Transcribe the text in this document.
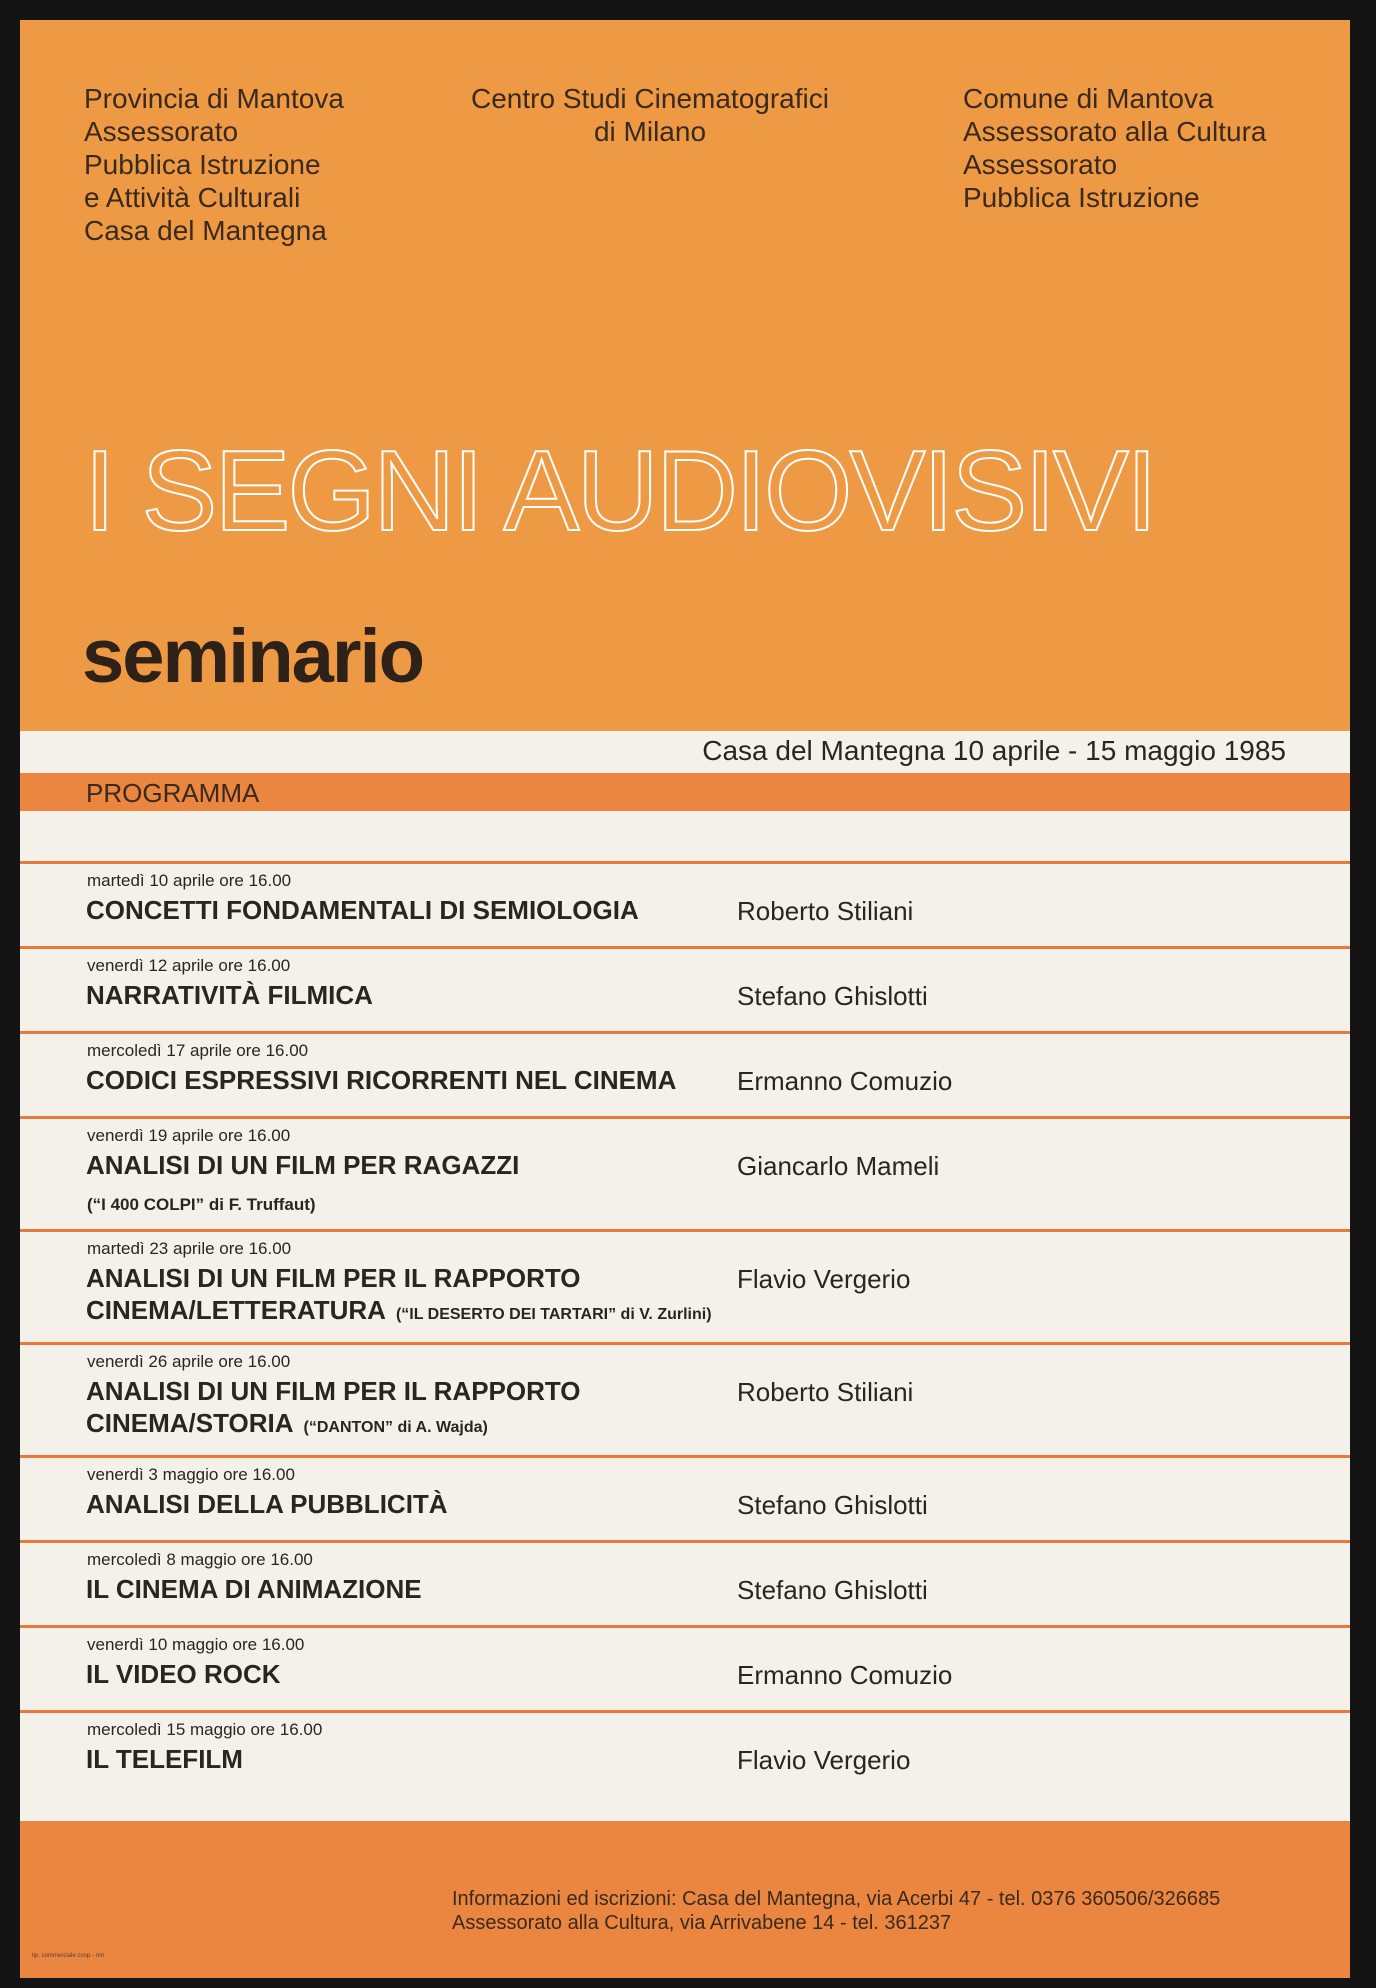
Provincia di Mantova
Assessorato
Pubblica Istruzione
e Attività Culturali
Casa del Mantegna
Centro Studi Cinematografici
di Milano
Comune di Mantova
Assessorato alla Cultura
Assessorato
Pubblica Istruzione
I SEGNI AUDIOVISIVI
seminario
Casa del Mantegna 10 aprile - 15 maggio 1985
PROGRAMMA
martedì 10 aprile ore 16.00
CONCETTI FONDAMENTALI DI SEMIOLOGIA	Roberto Stiliani
venerdì 12 aprile ore 16.00
NARRATIVITÀ FILMICA	Stefano Ghislotti
mercoledì 17 aprile ore 16.00
CODICI ESPRESSIVI RICORRENTI NEL CINEMA Ermanno Comuzio
venerdì 19 aprile ore 16.00
ANALISI DI UN FILM PER RAGAZZI
(“I 400 COLPI” di F. Truffaut)
Giancarlo Mameli
martedì 23 aprile ore 16.00
ANALISI DI UN FILM PER IL RAPPORTO
CINEMA/LETTERATURA (“IL DESERTO DEI TARTARI” di V. Zurlini)
Flavio Vergerio
venerdì 26 aprile ore 16.00
ANALISI DI UN FILM PER IL RAPPORTO
CINEMA/STORIA (“DANTON” di A. Wajda)
Roberto Stiliani
venerdì 3 maggio ore 16.00
ANALISI DELLA PUBBLICITÀ	Stefano Ghislotti
mercoledì 8 maggio ore 16.00
IL CINEMA DI ANIMAZIONE	Stefano Ghislotti
venerdì 10 maggio ore 16.00
IL VIDEO ROCK	Ermanno Comuzio
mercoledì 15 maggio ore 16.00
IL TELEFILM	Flavio Vergerio
Informazioni ed iscrizioni: Casa del Mantegna, via Acerbi 47 - tel. 0376 360506/326685
Assessorato alla Cultura, via Arrivabene 14 - tel. 361237
tip. commerciale coop - mn
